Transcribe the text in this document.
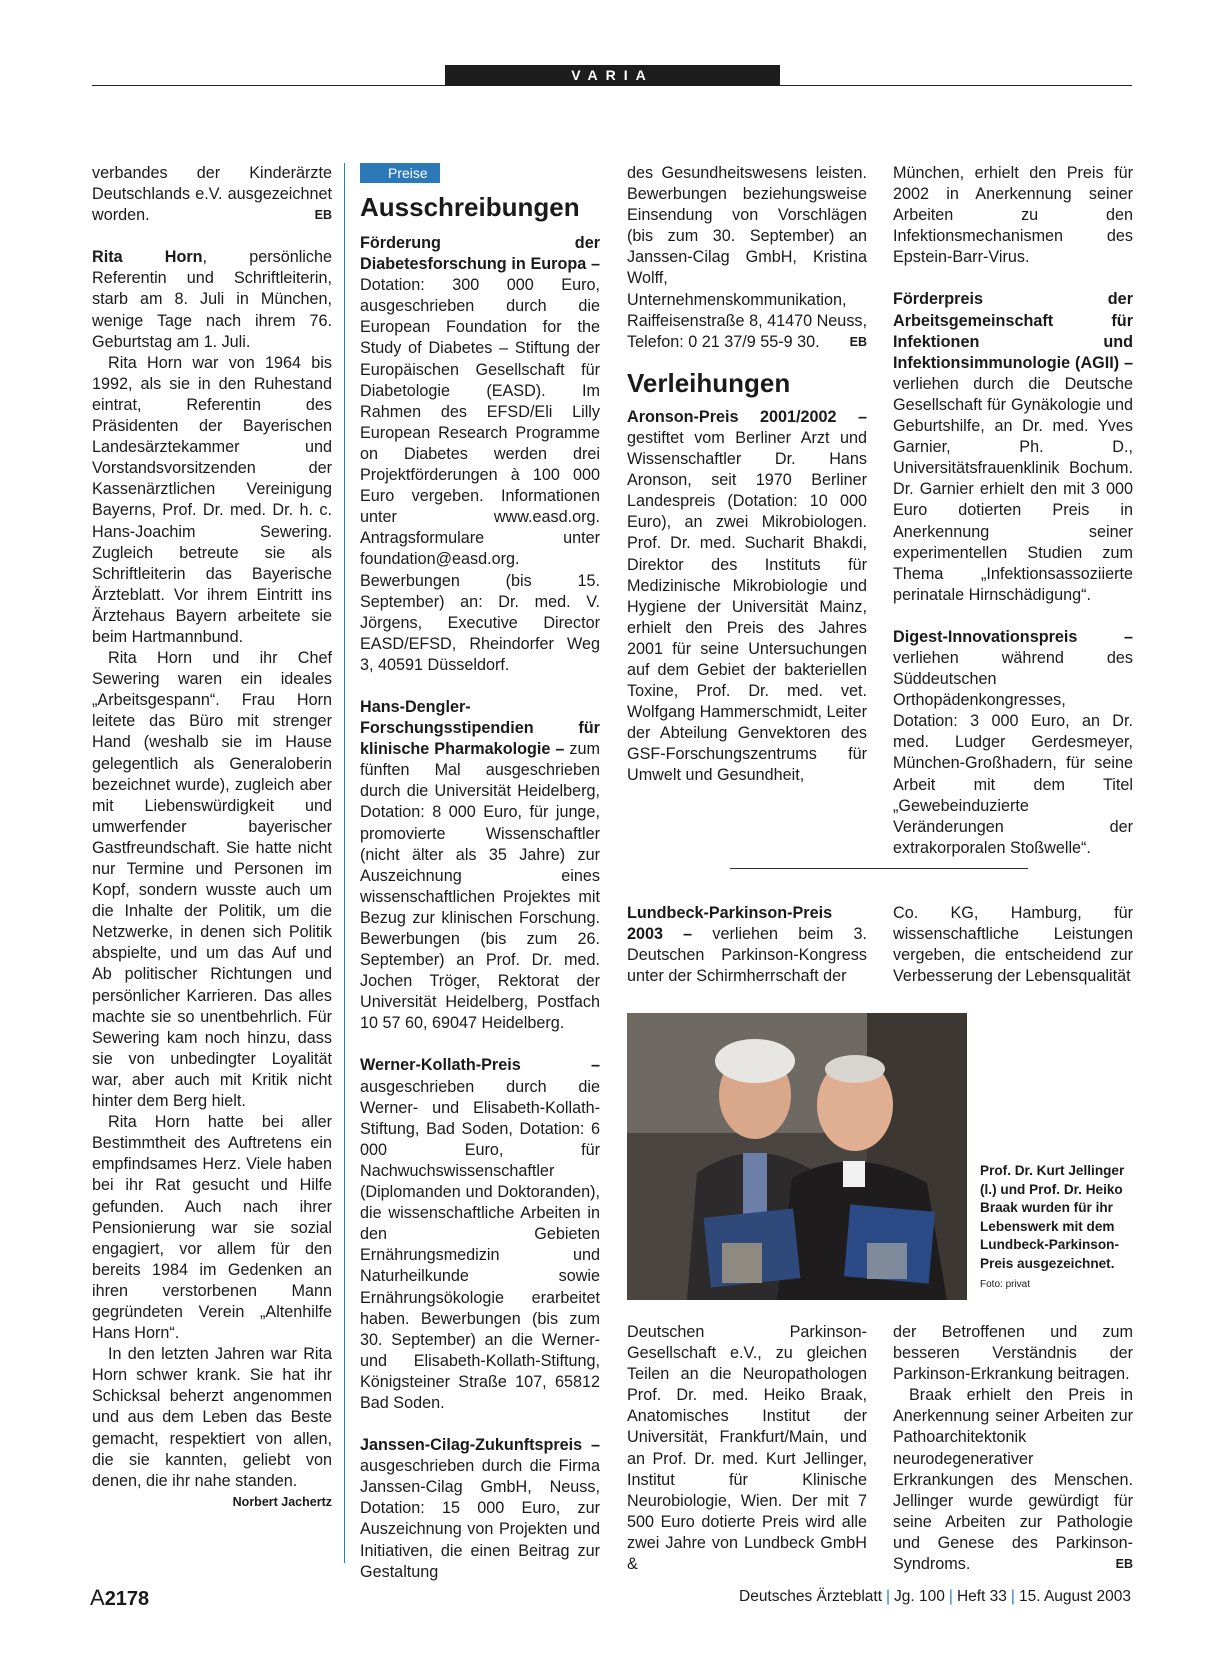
VARIA

verbandes der Kinderärzte Deutschlands e.V. ausgezeichnet worden.	EB

Rita Horn, persönliche Referentin und Schriftleiterin, starb am 8. Juli in München, wenige Tage nach ihrem 76. Geburtstag am 1. Juli.

Rita Horn war von 1964 bis 1992, als sie in den Ruhestand eintrat, Referentin des Präsidenten der Bayerischen Landesärztekammer und Vorstandsvorsitzenden der Kassenärztlichen Vereinigung Bayerns, Prof. Dr. med. Dr. h. c. Hans-Joachim Sewering. Zugleich betreute sie als Schriftleiterin das Bayerische Ärzteblatt. Vor ihrem Eintritt ins Ärztehaus Bayern arbeitete sie beim Hartmannbund.

Rita Horn und ihr Chef Sewering waren ein ideales „Arbeitsgespann“. Frau Horn leitete das Büro mit strenger Hand (weshalb sie im Hause gelegentlich als Generaloberin bezeichnet wurde), zugleich aber mit Liebenswürdigkeit und umwerfender bayerischer Gastfreundschaft. Sie hatte nicht nur Termine und Personen im Kopf, sondern wusste auch um die Inhalte der Politik, um die Netzwerke, in denen sich Politik abspielte, und um das Auf und Ab politischer Richtungen und persönlicher Karrieren. Das alles machte sie so unentbehrlich. Für Sewering kam noch hinzu, dass sie von unbedingter Loyalität war, aber auch mit Kritik nicht hinter dem Berg hielt.

Rita Horn hatte bei aller Bestimmtheit des Auftretens ein empfindsames Herz. Viele haben bei ihr Rat gesucht und Hilfe gefunden. Auch nach ihrer Pensionierung war sie sozial engagiert, vor allem für den bereits 1984 im Gedenken an ihren verstorbenen Mann gegründeten Verein „Altenhilfe Hans Horn“.

In den letzten Jahren war Rita Horn schwer krank. Sie hat ihr Schicksal beherzt angenommen und aus dem Leben das Beste gemacht, respektiert von allen, die sie kannten, geliebt von denen, die ihr nahe standen.
Norbert Jachertz

Preise
Ausschreibungen

Förderung der Diabetesforschung in Europa – Dotation: 300 000 Euro, ausgeschrieben durch die European Foundation for the Study of Diabetes – Stiftung der Europäischen Gesellschaft für Diabetologie (EASD). Im Rahmen des EFSD/Eli Lilly European Research Programme on Diabetes werden drei Projektförderungen à 100 000 Euro vergeben. Informationen unter www.easd.org. Antragsformulare unter foundation@easd.org. Bewerbungen (bis 15. September) an: Dr. med. V. Jörgens, Executive Director EASD/EFSD, Rheindorfer Weg 3, 40591 Düsseldorf.

Hans-Dengler-Forschungsstipendien für klinische Pharmakologie – zum fünften Mal ausgeschrieben durch die Universität Heidelberg, Dotation: 8 000 Euro, für junge, promovierte Wissenschaftler (nicht älter als 35 Jahre) zur Auszeichnung eines wissenschaftlichen Projektes mit Bezug zur klinischen Forschung. Bewerbungen (bis zum 26. September) an Prof. Dr. med. Jochen Tröger, Rektorat der Universität Heidelberg, Postfach 10 57 60, 69047 Heidelberg.

Werner-Kollath-Preis – ausgeschrieben durch die Werner- und Elisabeth-Kollath-Stiftung, Bad Soden, Dotation: 6 000 Euro, für Nachwuchswissenschaftler (Diplomanden und Doktoranden), die wissenschaftliche Arbeiten in den Gebieten Ernährungsmedizin und Naturheilkunde sowie Ernährungsökologie erarbeitet haben. Bewerbungen (bis zum 30. September) an die Werner- und Elisabeth-Kollath-Stiftung, Königsteiner Straße 107, 65812 Bad Soden.

Janssen-Cilag-Zukunftspreis – ausgeschrieben durch die Firma Janssen-Cilag GmbH, Neuss, Dotation: 15 000 Euro, zur Auszeichnung von Projekten und Initiativen, die einen Beitrag zur Gestaltung

des Gesundheitswesens leisten. Bewerbungen beziehungsweise Einsendung von Vorschlägen (bis zum 30. September) an Janssen-Cilag GmbH, Kristina Wolff, Unternehmenskommunikation, Raiffeisenstraße 8, 41470 Neuss, Telefon: 0 21 37/9 55-9 30. EB

Verleihungen

Aronson-Preis 2001/2002 – gestiftet vom Berliner Arzt und Wissenschaftler Dr. Hans Aronson, seit 1970 Berliner Landespreis (Dotation: 10 000 Euro), an zwei Mikrobiologen. Prof. Dr. med. Sucharit Bhakdi, Direktor des Instituts für Medizinische Mikrobiologie und Hygiene der Universität Mainz, erhielt den Preis des Jahres 2001 für seine Untersuchungen auf dem Gebiet der bakteriellen Toxine, Prof. Dr. med. vet. Wolfgang Hammerschmidt, Leiter der Abteilung Genvektoren des GSF-Forschungszentrums für Umwelt und Gesundheit,

München, erhielt den Preis für 2002 in Anerkennung seiner Arbeiten zu den Infektionsmechanismen des Epstein-Barr-Virus.

Förderpreis der Arbeitsgemeinschaft für Infektionen und Infektionsimmunologie (AGII) – verliehen durch die Deutsche Gesellschaft für Gynäkologie und Geburtshilfe, an Dr. med. Yves Garnier, Ph. D., Universitätsfrauenklinik Bochum. Dr. Garnier erhielt den mit 3 000 Euro dotierten Preis in Anerkennung seiner experimentellen Studien zum Thema „Infektionsassoziierte perinatale Hirnschädigung“.

Digest-Innovationspreis – verliehen während des Süddeutschen Orthopädenkongresses, Dotation: 3 000 Euro, an Dr. med. Ludger Gerdesmeyer, München-Großhadern, für seine Arbeit mit dem Titel „Gewebeinduzierte Veränderungen der extrakorporalen Stoßwelle“.

Lundbeck-Parkinson-Preis 2003 – verliehen beim 3. Deutschen Parkinson-Kongress unter der Schirmherrschaft der

Co. KG, Hamburg, für wissenschaftliche Leistungen vergeben, die entscheidend zur Verbesserung der Lebensqualität

Prof. Dr. Kurt Jellinger (l.) und Prof. Dr. Heiko Braak wurden für ihr Lebenswerk mit dem Lundbeck-Parkinson-Preis ausgezeichnet. Foto: privat

Deutschen Parkinson-Gesellschaft e.V., zu gleichen Teilen an die Neuropathologen Prof. Dr. med. Heiko Braak, Anatomisches Institut der Universität, Frankfurt/Main, und an Prof. Dr. med. Kurt Jellinger, Institut für Klinische Neurobiologie, Wien. Der mit 7 500 Euro dotierte Preis wird alle zwei Jahre von Lundbeck GmbH &

der Betroffenen und zum besseren Verständnis der Parkinson-Erkrankung beitragen.

Braak erhielt den Preis in Anerkennung seiner Arbeiten zur Pathoarchitektonik neurodegenerativer Erkrankungen des Menschen. Jellinger wurde gewürdigt für seine Arbeiten zur Pathologie und Genese des Parkinson-Syndroms.	EB

A2178	Deutsches Ärzteblatt | Jg. 100 | Heft 33 | 15. August 2003
